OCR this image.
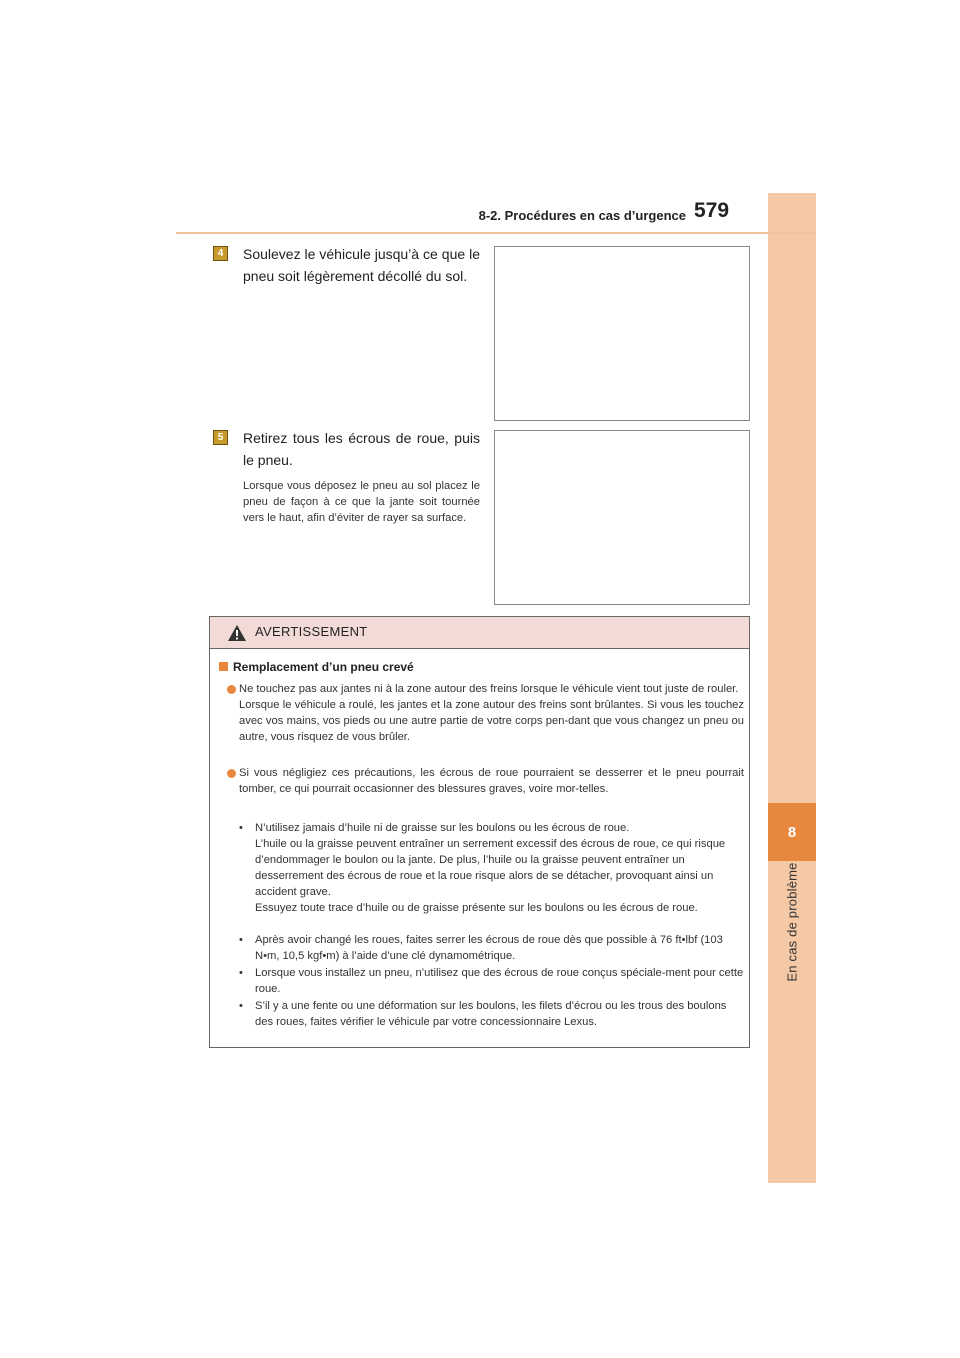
8
En cas de problème
8-2. Procédures en cas d’urgence 579
4	Soulevez le véhicule jusqu’à ce que le pneu soit légèrement décollé du sol.
5	Retirez tous les écrous de roue, puis le pneu.
Lorsque vous déposez le pneu au sol placez le pneu de façon à ce que la jante soit tournée vers le haut, afin d’éviter de rayer sa surface.
AVERTISSEMENT
Remplacement d’un pneu crevé

Ne touchez pas aux jantes ni à la zone autour des freins lorsque le véhicule vient tout juste de rouler.

Lorsque le véhicule a roulé, les jantes et la zone autour des freins sont brûlantes. Si vous les touchez avec vos mains, vos pieds ou une autre partie de votre corps pen-dant que vous changez un pneu ou autre, vous risquez de vous brûler.

Si vous négligiez ces précautions, les écrous de roue pourraient se desserrer et le pneu pourrait tomber, ce qui pourrait occasionner des blessures graves, voire mor-telles.

• N’utilisez jamais d’huile ni de graisse sur les boulons ou les écrous de roue.

L’huile ou la graisse peuvent entraîner un serrement excessif des écrous de roue, ce qui risque d’endommager le boulon ou la jante. De plus, l’huile ou la graisse peuvent entraîner un desserrement des écrous de roue et la roue risque alors de se détacher, provoquant ainsi un accident grave.

Essuyez toute trace d’huile ou de graisse présente sur les boulons ou les écrous de roue.

• Après avoir changé les roues, faites serrer les écrous de roue dès que possible à 76 ft•lbf (103 N•m, 10,5 kgf•m) à l’aide d’une clé dynamométrique.

• Lorsque vous installez un pneu, n’utilisez que des écrous de roue conçus spéciale-ment pour cette roue.

• S’il y a une fente ou une déformation sur les boulons, les filets d’écrou ou les trous des boulons des roues, faites vérifier le véhicule par votre concessionnaire Lexus.
